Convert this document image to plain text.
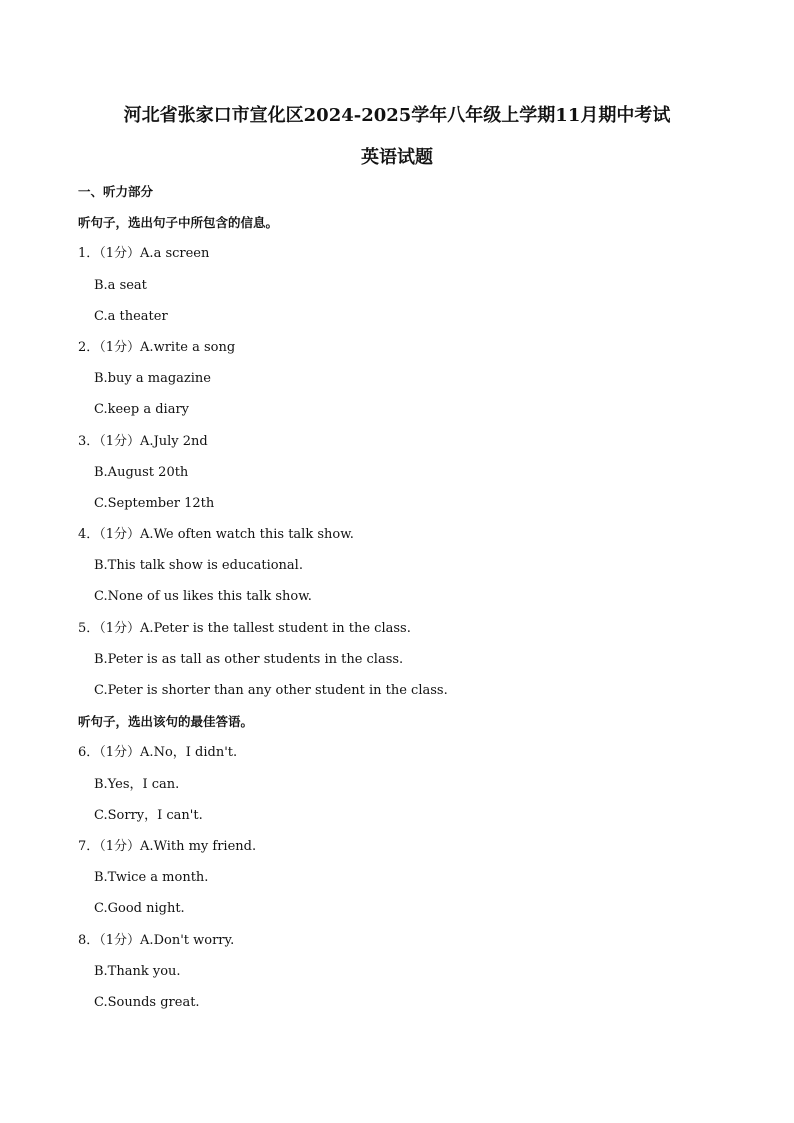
河北省张家口市宣化区2024-2025学年八年级上学期11月期中考试
英语试题
一、听力部分
听句子，选出句子中所包含的信息。
1．（1分）A.a screen
B.a seat
C.a theater
2．（1分）A.write a song
B.buy a magazine
C.keep a diary
3．（1分）A.July 2nd
B.August 20th
C.September 12th
4．（1分）A.We often watch this talk show.
B.This talk show is educational.
C.None of us likes this talk show.
5．（1分）A.Peter is the tallest student in the class.
B.Peter is as tall as other students in the class.
C.Peter is shorter than any other student in the class.
听句子，选出该句的最佳答语。
6．（1分）A.No，I didn't.
B.Yes，I can.
C.Sorry，I can't.
7．（1分）A.With my friend.
B.Twice a month.
C.Good night.
8．（1分）A.Don't worry.
B.Thank you.
C.Sounds great.
